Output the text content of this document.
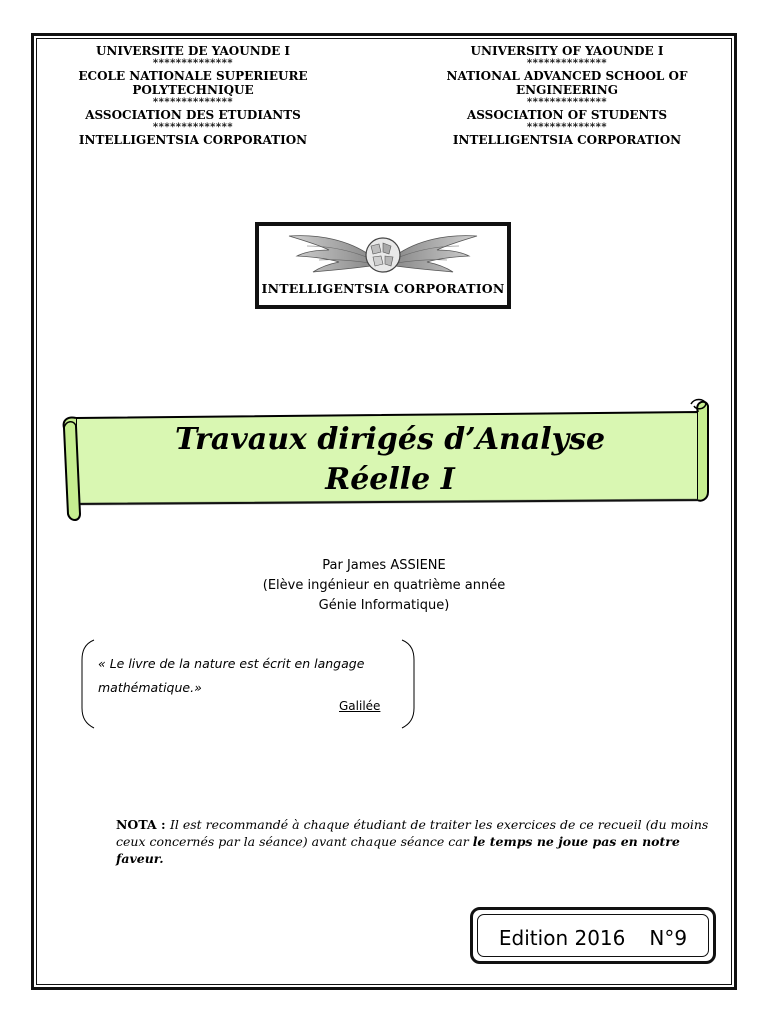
UNIVERSITE DE YAOUNDE I
**************
ECOLE NATIONALE SUPERIEURE
POLYTECHNIQUE
**************
ASSOCIATION DES ETUDIANTS
**************
INTELLIGENTSIA CORPORATION
UNIVERSITY OF YAOUNDE I
**************
NATIONAL ADVANCED SCHOOL OF
ENGINEERING
**************
ASSOCIATION OF STUDENTS
**************
INTELLIGENTSIA CORPORATION
INTELLIGENTSIA CORPORATION
Travaux dirigés d’Analyse
Réelle I
Par James ASSIENE
(Elève ingénieur en quatrième année
Génie Informatique)
« Le livre de la nature est écrit en langage mathématique.»
Galilée
NOTA : Il est recommandé à chaque étudiant de traiter les exercices de ce recueil (du moins ceux concernés par la séance) avant chaque séance car le temps ne joue pas en notre faveur.
Edition 2016 N°9
